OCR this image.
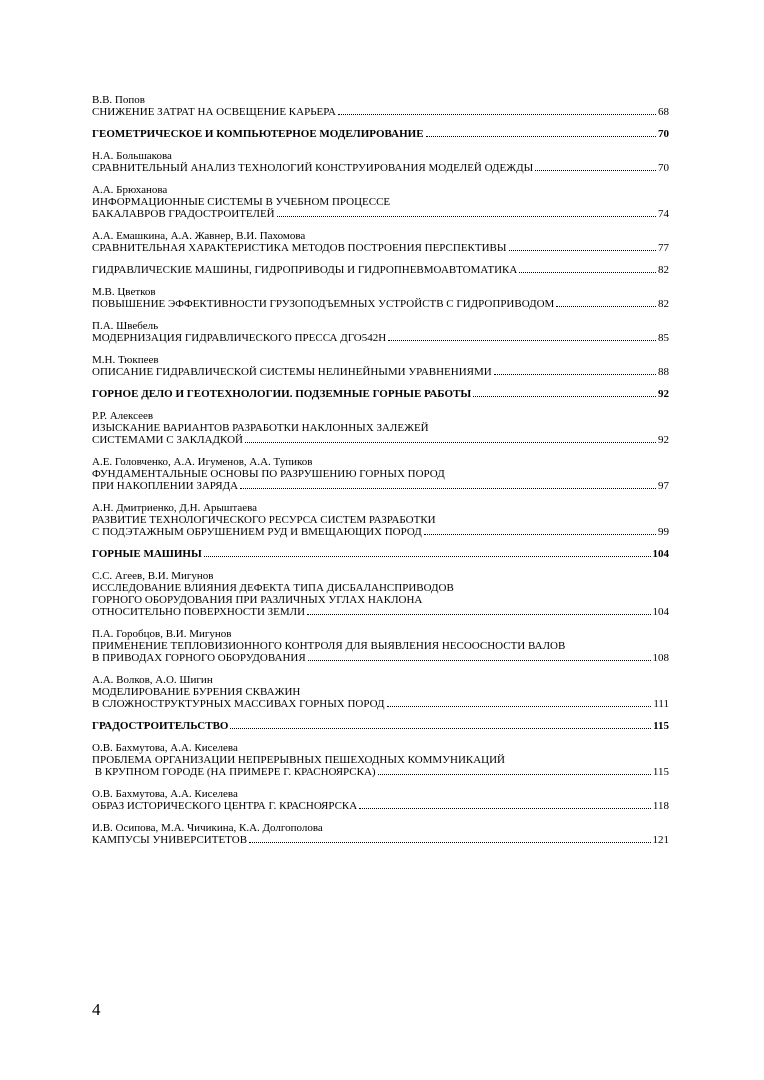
В.В. Попов
СНИЖЕНИЕ ЗАТРАТ НА ОСВЕЩЕНИЕ КАРЬЕРА	68
ГЕОМЕТРИЧЕСКОЕ И КОМПЬЮТЕРНОЕ МОДЕЛИРОВАНИЕ	70
Н.А. Большакова
СРАВНИТЕЛЬНЫЙ АНАЛИЗ ТЕХНОЛОГИЙ КОНСТРУИРОВАНИЯ МОДЕЛЕЙ ОДЕЖДЫ	70
А.А. Брюханова
ИНФОРМАЦИОННЫЕ СИСТЕМЫ В УЧЕБНОМ ПРОЦЕССЕ
БАКАЛАВРОВ ГРАДОСТРОИТЕЛЕЙ	74
А.А. Емашкина, А.А. Жавнер, В.И. Пахомова
СРАВНИТЕЛЬНАЯ ХАРАКТЕРИСТИКА МЕТОДОВ ПОСТРОЕНИЯ ПЕРСПЕКТИВЫ	77
ГИДРАВЛИЧЕСКИЕ МАШИНЫ, ГИДРОПРИВОДЫ И ГИДРОПНЕВМОАВТОМАТИКА	82
М.В. Цветков
ПОВЫШЕНИЕ ЭФФЕКТИВНОСТИ ГРУЗОПОДЪЕМНЫХ УСТРОЙСТВ С ГИДРОПРИВОДОМ	82
П.А. Швебель
МОДЕРНИЗАЦИЯ ГИДРАВЛИЧЕСКОГО ПРЕССА ДГО542Н	85
М.Н. Тюкпеев
ОПИСАНИЕ ГИДРАВЛИЧЕСКОЙ СИСТЕМЫ НЕЛИНЕЙНЫМИ УРАВНЕНИЯМИ	88
ГОРНОЕ ДЕЛО И ГЕОТЕХНОЛОГИИ. ПОДЗЕМНЫЕ ГОРНЫЕ РАБОТЫ	92
Р.Р. Алексеев
ИЗЫСКАНИЕ ВАРИАНТОВ РАЗРАБОТКИ НАКЛОННЫХ ЗАЛЕЖЕЙ
СИСТЕМАМИ С ЗАКЛАДКОЙ	92
А.Е. Головченко, А.А. Игуменов, А.А. Тупиков
ФУНДАМЕНТАЛЬНЫЕ ОСНОВЫ ПО РАЗРУШЕНИЮ ГОРНЫХ ПОРОД
ПРИ НАКОПЛЕНИИ ЗАРЯДА	97
А.Н. Дмитриенко, Д.Н. Арыштаева
РАЗВИТИЕ ТЕХНОЛОГИЧЕСКОГО РЕСУРСА СИСТЕМ РАЗРАБОТКИ
С ПОДЭТАЖНЫМ ОБРУШЕНИЕМ РУД И ВМЕЩАЮЩИХ ПОРОД	99
ГОРНЫЕ МАШИНЫ	104
С.С. Агеев, В.И. Мигунов
ИССЛЕДОВАНИЕ ВЛИЯНИЯ ДЕФЕКТА ТИПА ДИСБАЛАНСПРИВОДОВ
ГОРНОГО ОБОРУДОВАНИЯ ПРИ РАЗЛИЧНЫХ УГЛАХ НАКЛОНА
ОТНОСИТЕЛЬНО ПОВЕРХНОСТИ ЗЕМЛИ	104
П.А. Горобцов, В.И. Мигунов
ПРИМЕНЕНИЕ ТЕПЛОВИЗИОННОГО КОНТРОЛЯ ДЛЯ ВЫЯВЛЕНИЯ НЕСООСНОСТИ ВАЛОВ
В ПРИВОДАХ ГОРНОГО ОБОРУДОВАНИЯ	108
А.А. Волков, А.О. Шигин
МОДЕЛИРОВАНИЕ БУРЕНИЯ СКВАЖИН
В СЛОЖНОСТРУКТУРНЫХ МАССИВАХ ГОРНЫХ ПОРОД	111
ГРАДОСТРОИТЕЛЬСТВО	115
О.В. Бахмутова, А.А. Киселева
ПРОБЛЕМА ОРГАНИЗАЦИИ НЕПРЕРЫВНЫХ ПЕШЕХОДНЫХ КОММУНИКАЦИЙ
В КРУПНОМ ГОРОДЕ (НА ПРИМЕРЕ Г. КРАСНОЯРСКА)	115
О.В. Бахмутова, А.А. Киселева
ОБРАЗ ИСТОРИЧЕСКОГО ЦЕНТРА Г. КРАСНОЯРСКА	118
И.В. Осипова, М.А. Чичикина, К.А. Долгополова
КАМПУСЫ УНИВЕРСИТЕТОВ	121
4
